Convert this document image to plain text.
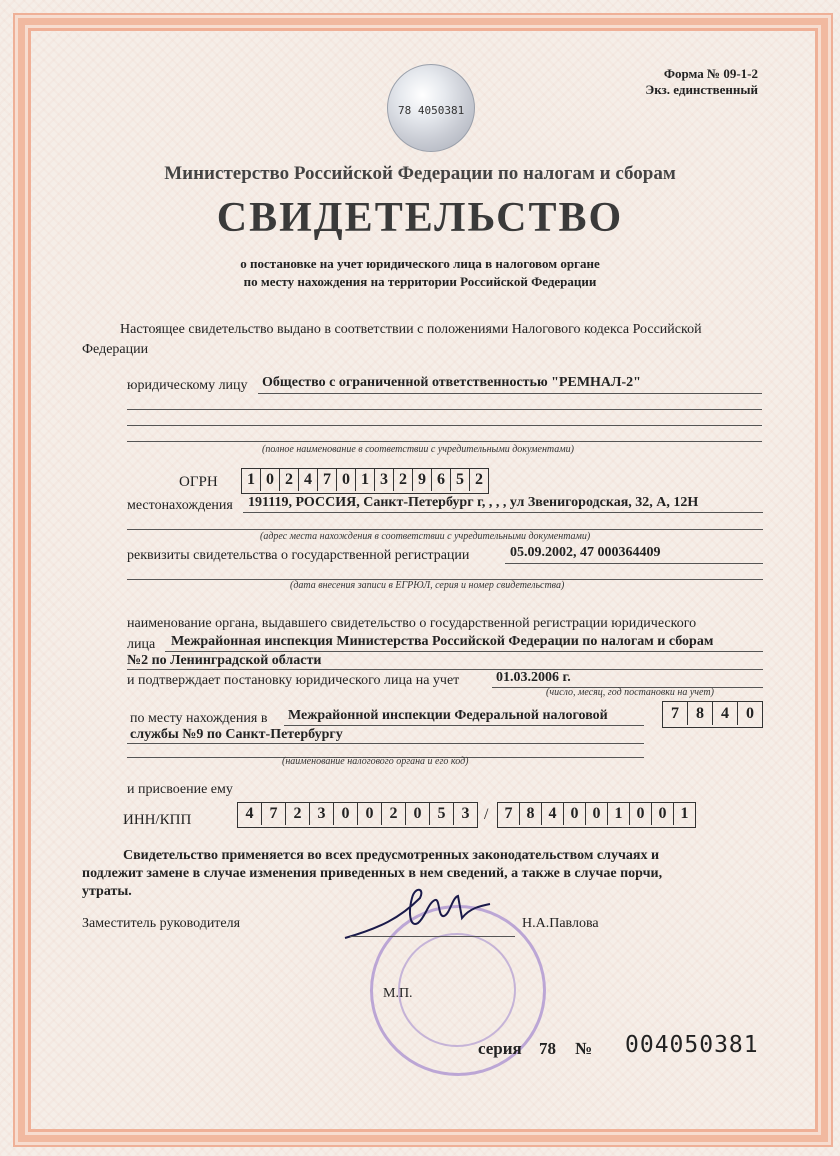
78 4050381
Форма № 09-1-2
Экз. единственный
Министерство Российской Федерации по налогам и сборам
СВИДЕТЕЛЬСТВО
о постановке на учет юридического лица в налоговом органе
по месту нахождения на территории Российской Федерации
Настоящее свидетельство выдано в соответствии с положениями Налогового кодекса Российской
Федерации
юридическому лицу Общество с ограниченной ответственностью "РЕМНАЛ-2"
(полное наименование в соответствии с учредительными документами)
ОГРН	1 0 2 4 7 0 1 3 2 9 6 5 2
местонахождения 191119, РОССИЯ, Санкт-Петербург г, , , , ул Звенигородская, 32, А, 12Н
(адрес места нахождения в соответствии с учредительными документами)
реквизиты свидетельства о государственной регистрации	05.09.2002, 47 000364409
(дата внесения записи в ЕГРЮЛ, серия и номер свидетельства)
наименование органа, выдавшего свидетельство о государственной регистрации юридического
лица Межрайонная инспекция Министерства Российской Федерации по налогам и сборам
№2 по Ленинградской области
и подтверждает постановку юридического лица на учет	01.03.2006 г.
(число, месяц, год постановки на учет)
по месту нахождения в Межрайонной инспекции Федеральной налоговой
службы №9 по Санкт-Петербургу
(наименование налогового органа и его код)
7	8	4	0
и присвоение ему
ИНН/КПП	4	7	2	3	0	0	2	0	5	3 /	7 8 4 0 0 1 0 0 1
Свидетельство применяется во всех предусмотренных законодательством случаях и
подлежит замене в случае изменения приведенных в нем сведений, а также в случае порчи,
утраты.
Заместитель руководителя	Н.А.Павлова
М.П.
серия 78 № 004050381
